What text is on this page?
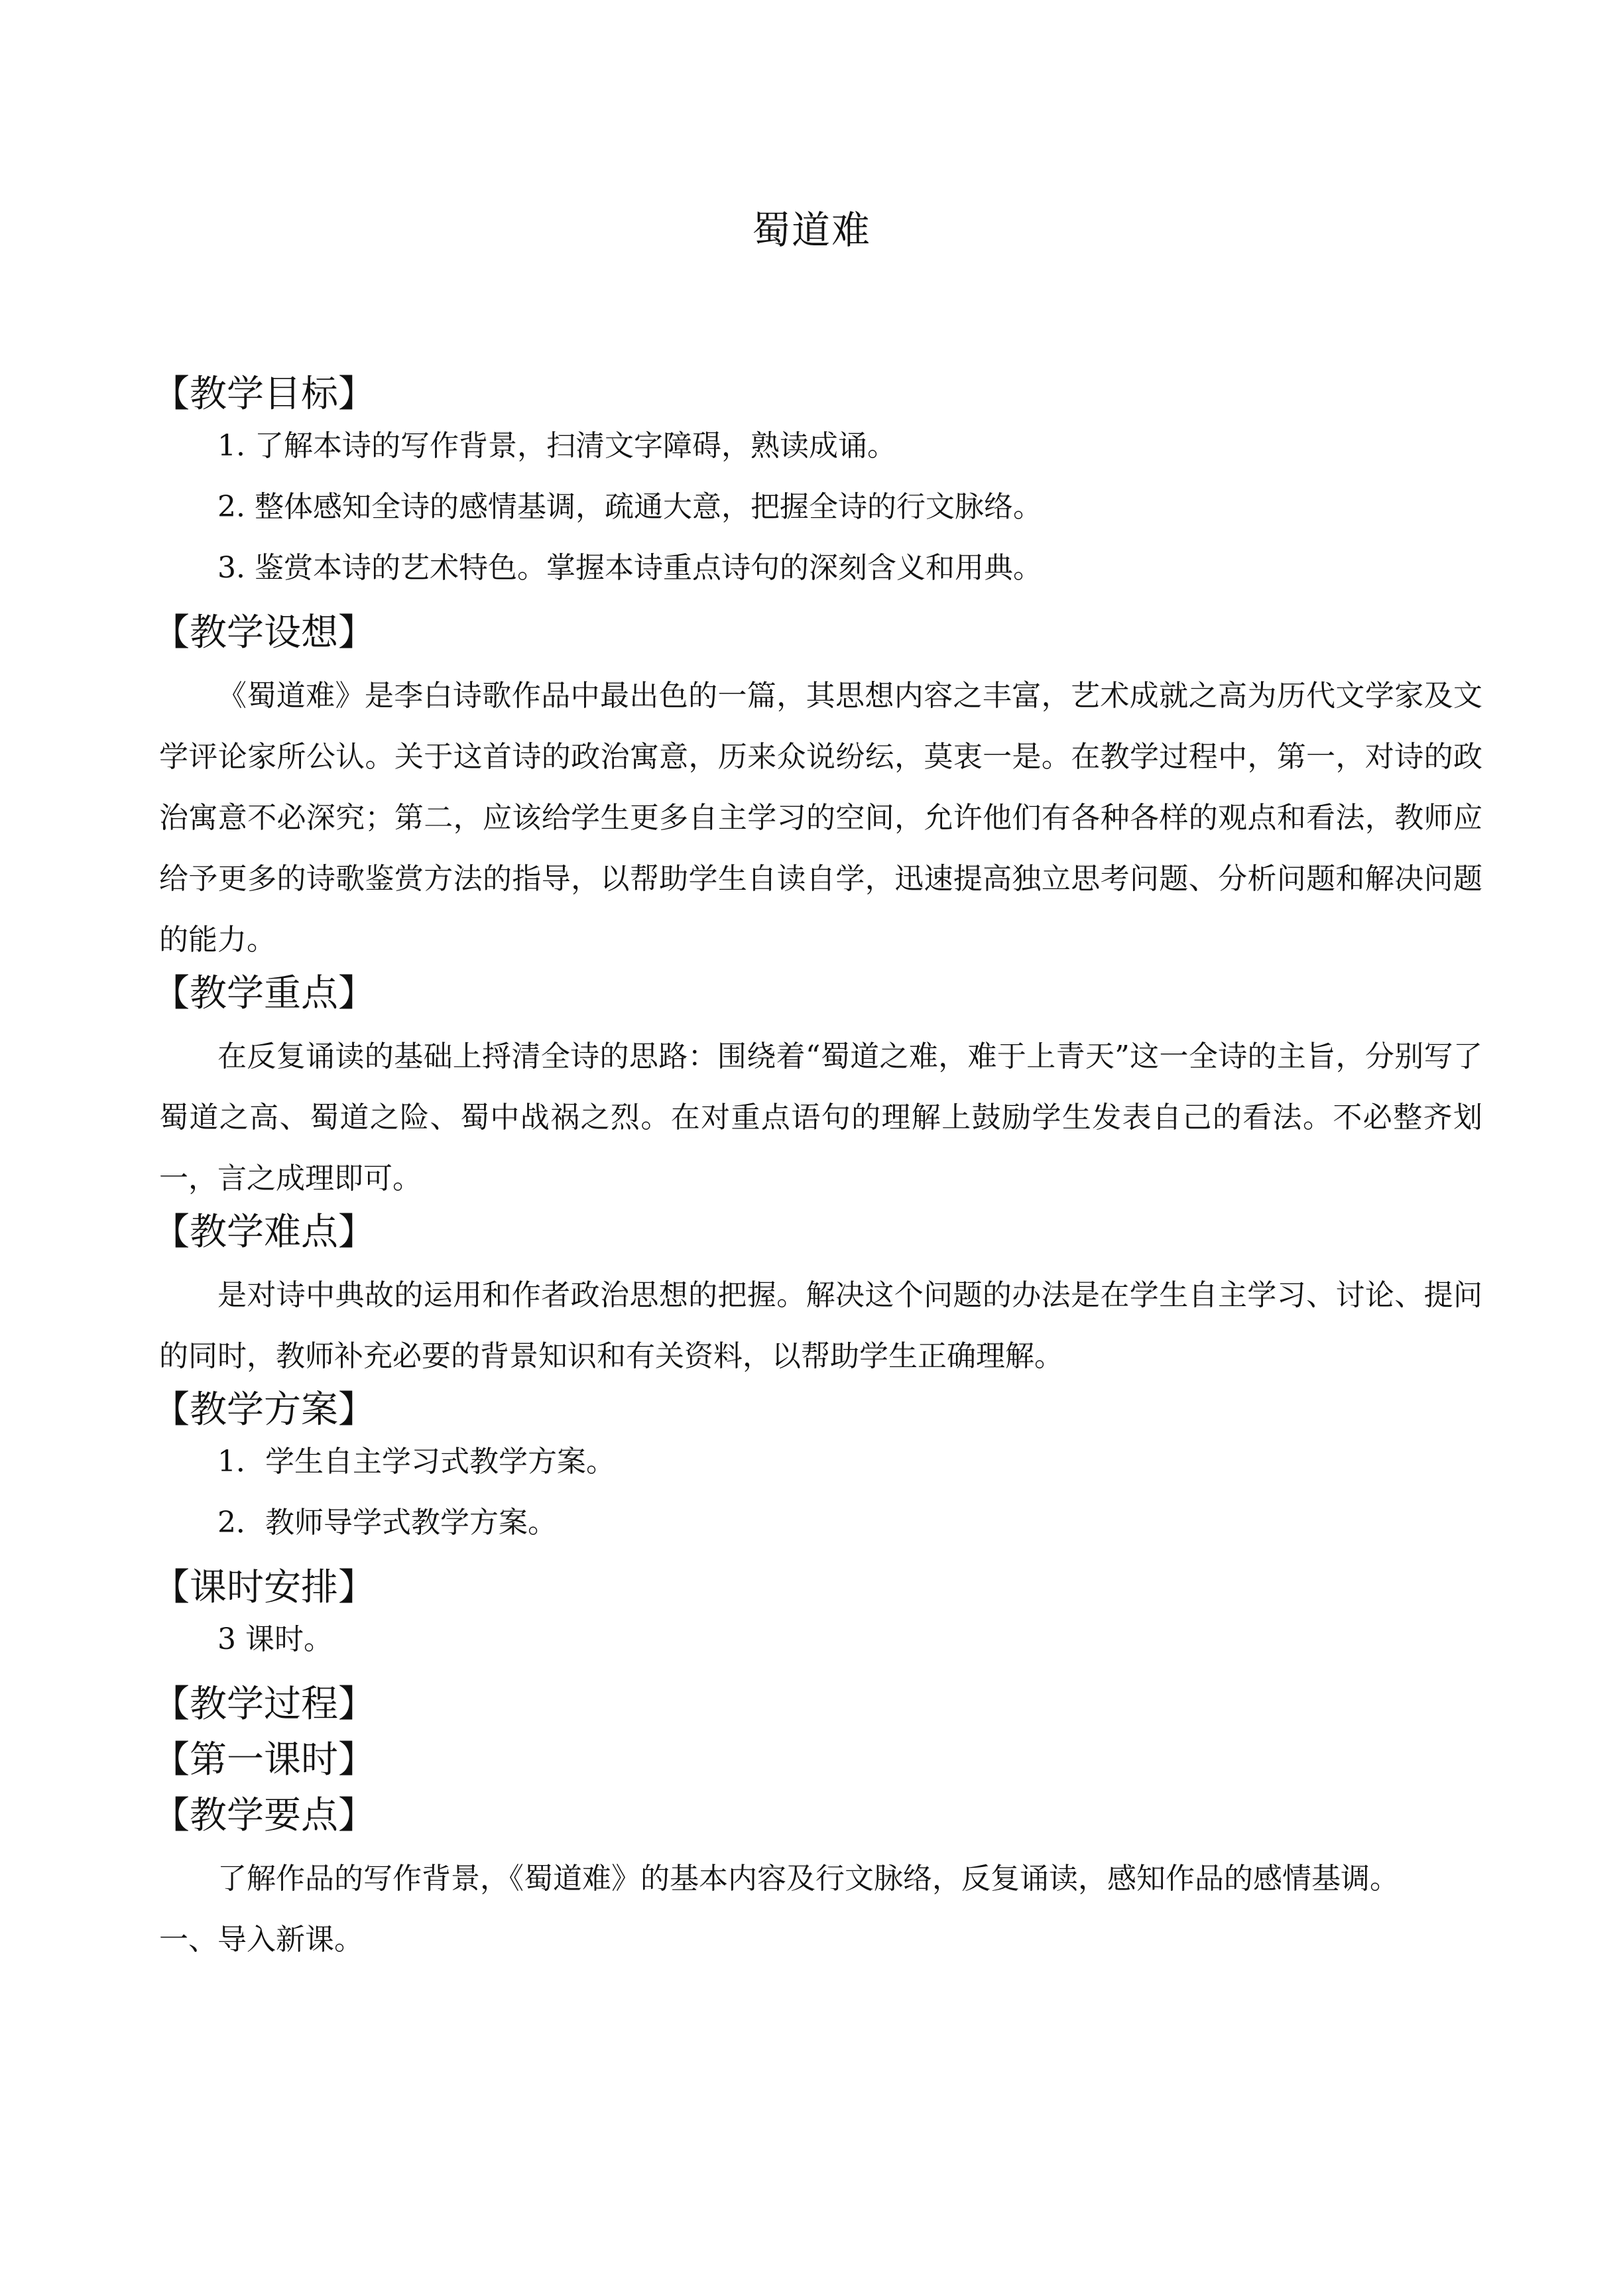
蜀道难
【教学目标】
1. 了解本诗的写作背景，扫清文字障碍，熟读成诵。
2. 整体感知全诗的感情基调，疏通大意，把握全诗的行文脉络。
3. 鉴赏本诗的艺术特色。掌握本诗重点诗句的深刻含义和用典。
【教学设想】

《蜀道难》是李白诗歌作品中最出色的一篇，其思想内容之丰富，艺术成就之高为历代文学家及文学评论家所公认。关于这首诗的政治寓意，历来众说纷纭，莫衷一是。在教学过程中，第一，对诗的政治寓意不必深究；第二，应该给学生更多自主学习的空间，允许他们有各种各样的观点和看法，教师应给予更多的诗歌鉴赏方法的指导，以帮助学生自读自学，迅速提高独立思考问题、分析问题和解决问题的能力。

【教学重点】

在反复诵读的基础上捋清全诗的思路：围绕着“蜀道之难，难于上青天”这一全诗的主旨，分别写了蜀道之高、蜀道之险、蜀中战祸之烈。在对重点语句的理解上鼓励学生发表自己的看法。不必整齐划一，言之成理即可。

【教学难点】

是对诗中典故的运用和作者政治思想的把握。解决这个问题的办法是在学生自主学习、讨论、提问的同时，教师补充必要的背景知识和有关资料，以帮助学生正确理解。

【教学方案】
1．学生自主学习式教学方案。
2．教师导学式教学方案。
【课时安排】
3 课时。
【教学过程】
【第一课时】
【教学要点】

了解作品的写作背景，《蜀道难》的基本内容及行文脉络，反复诵读，感知作品的感情基调。

一、导入新课。
